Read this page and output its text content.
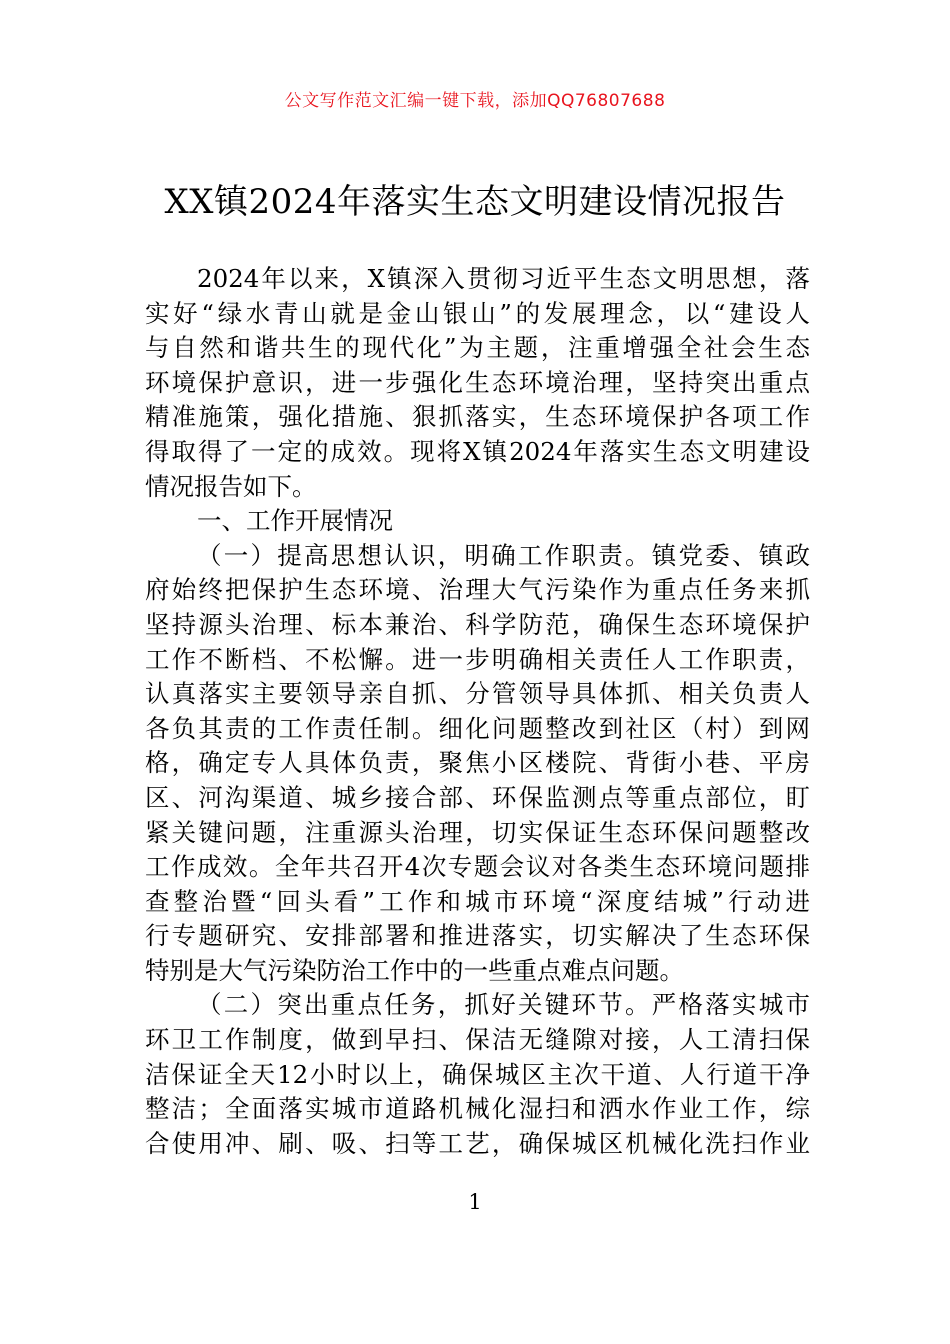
公文写作范文汇编一键下载，添加QQ76807688
XX镇2024年落实生态文明建设情况报告
2024年以来，X镇深入贯彻习近平生态文明思想，落
实好“绿水青山就是金山银山”的发展理念，以“建设人
与自然和谐共生的现代化”为主题，注重增强全社会生态
环境保护意识，进一步强化生态环境治理，坚持突出重点
精准施策，强化措施、狠抓落实，生态环境保护各项工作
得取得了一定的成效。现将X镇2024年落实生态文明建设
情况报告如下。
一、工作开展情况
（一）提高思想认识，明确工作职责。镇党委、镇政
府始终把保护生态环境、治理大气污染作为重点任务来抓
坚持源头治理、标本兼治、科学防范，确保生态环境保护
工作不断档、不松懈。进一步明确相关责任人工作职责，
认真落实主要领导亲自抓、分管领导具体抓、相关负责人
各负其责的工作责任制。细化问题整改到社区（村）到网
格，确定专人具体负责，聚焦小区楼院、背街小巷、平房
区、河沟渠道、城乡接合部、环保监测点等重点部位，盯
紧关键问题，注重源头治理，切实保证生态环保问题整改
工作成效。全年共召开4次专题会议对各类生态环境问题排
查整治暨“回头看”工作和城市环境“深度结城”行动进
行专题研究、安排部署和推进落实，切实解决了生态环保
特别是大气污染防治工作中的一些重点难点问题。
（二）突出重点任务，抓好关键环节。严格落实城市
环卫工作制度，做到早扫、保洁无缝隙对接，人工清扫保
洁保证全天12小时以上，确保城区主次干道、人行道干净
整洁；全面落实城市道路机械化湿扫和洒水作业工作，综
合使用冲、刷、吸、扫等工艺，确保城区机械化洗扫作业
1
